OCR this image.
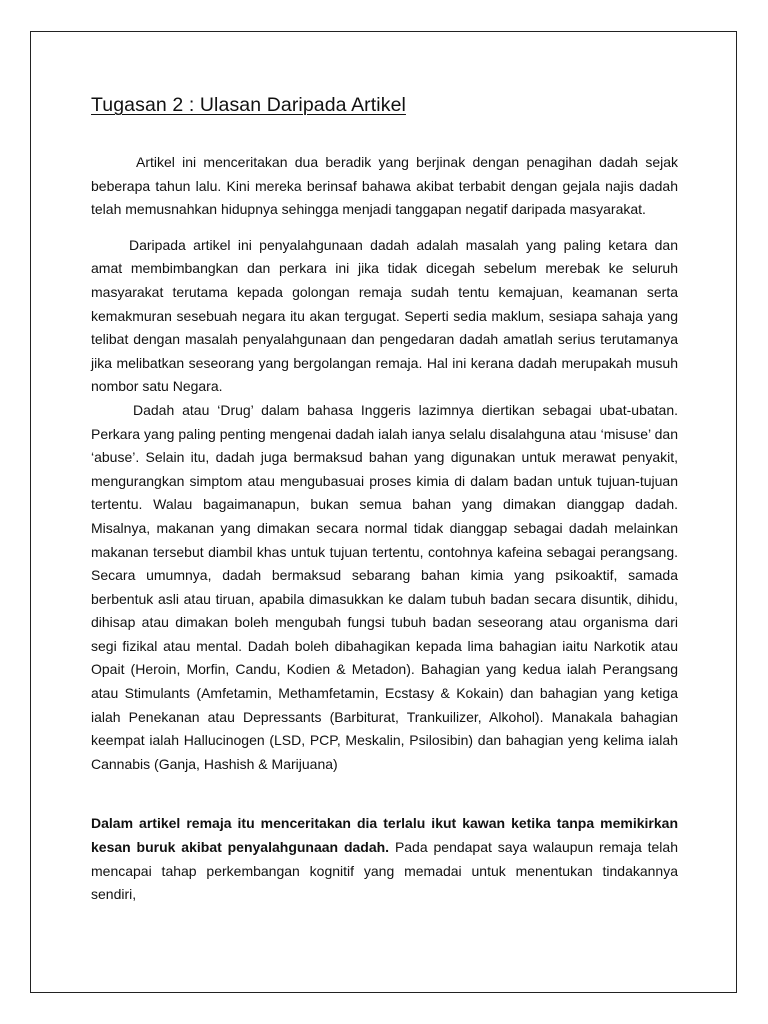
Tugasan 2 : Ulasan Daripada Artikel

Artikel ini menceritakan dua beradik yang berjinak dengan penagihan dadah sejak beberapa tahun lalu. Kini mereka berinsaf bahawa akibat terbabit dengan gejala najis dadah telah memusnahkan hidupnya sehingga menjadi tanggapan negatif daripada masyarakat.

Daripada artikel ini penyalahgunaan dadah adalah masalah yang paling ketara dan amat membimbangkan dan perkara ini jika tidak dicegah sebelum merebak ke seluruh masyarakat terutama kepada golongan remaja sudah tentu kemajuan, keamanan serta kemakmuran sesebuah negara itu akan tergugat. Seperti sedia maklum, sesiapa sahaja yang telibat dengan masalah penyalahgunaan dan pengedaran dadah amatlah serius terutamanya jika melibatkan seseorang yang bergolangan remaja. Hal ini kerana dadah merupakah musuh nombor satu Negara.

Dadah atau ‘Drug’ dalam bahasa Inggeris lazimnya diertikan sebagai ubat-ubatan. Perkara yang paling penting mengenai dadah ialah ianya selalu disalahguna atau ‘misuse’ dan ‘abuse’. Selain itu, dadah juga bermaksud bahan yang digunakan untuk merawat penyakit, mengurangkan simptom atau mengubasuai proses kimia di dalam badan untuk tujuan-tujuan tertentu. Walau bagaimanapun, bukan semua bahan yang dimakan dianggap dadah. Misalnya, makanan yang dimakan secara normal tidak dianggap sebagai dadah melainkan makanan tersebut diambil khas untuk tujuan tertentu, contohnya kafeina sebagai perangsang. Secara umumnya, dadah bermaksud sebarang bahan kimia yang psikoaktif, samada berbentuk asli atau tiruan, apabila dimasukkan ke dalam tubuh badan secara disuntik, dihidu, dihisap atau dimakan boleh mengubah fungsi tubuh badan seseorang atau organisma dari segi fizikal atau mental. Dadah boleh dibahagikan kepada lima bahagian iaitu Narkotik atau Opait (Heroin, Morfin, Candu, Kodien & Metadon). Bahagian yang kedua ialah Perangsang atau Stimulants (Amfetamin, Methamfetamin, Ecstasy & Kokain) dan bahagian yang ketiga ialah Penekanan atau Depressants (Barbiturat, Trankuilizer, Alkohol). Manakala bahagian keempat ialah Hallucinogen (LSD, PCP, Meskalin, Psilosibin) dan bahagian yeng kelima ialah Cannabis (Ganja, Hashish & Marijuana)

Dalam artikel remaja itu menceritakan dia terlalu ikut kawan ketika tanpa memikirkan kesan buruk akibat penyalahgunaan dadah. Pada pendapat saya walaupun remaja telah mencapai tahap perkembangan kognitif yang memadai untuk menentukan tindakannya sendiri,
